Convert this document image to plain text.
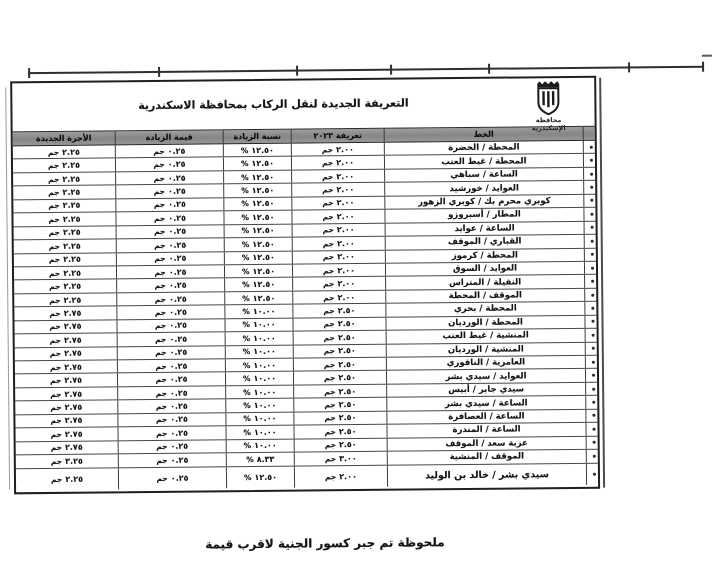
التعريفة الجديدة لنقل الركاب بمحافظة الاسكندرية
محافظة الإسكندرية
الأجرة الجديدة	قيمة الزيادة	نسبة الزيادة	تعريفة ٢٠٢٣	الخط
جم ٢.٢٥	جم ٠.٢٥	% ١٢.٥٠	جم ٢.٠٠	المحطة / الحضرة
جم ٢.٢٥	جم ٠.٢٥	% ١٢.٥٠	جم ٢.٠٠	المحطة / غيط العنب
جم ٢.٢٥	جم ٠.٢٥	% ١٢.٥٠	جم ٢.٠٠	الساعة / سباهي
جم ٢.٢٥	جم ٠.٢٥	% ١٢.٥٠	جم ٢.٠٠	العوايد / خورشيد
جم ٢.٢٥	جم ٠.٢٥	% ١٢.٥٠	جم ٢.٠٠	كوبري محرم بك / كوبري الزهور
جم ٢.٢٥	جم ٠.٢٥	% ١٢.٥٠	جم ٢.٠٠	المطار / أسبروزو
جم ٢.٢٥	جم ٠.٢٥	% ١٢.٥٠	جم ٢.٠٠	الساعة / عوايد
جم ٢.٢٥	جم ٠.٢٥	% ١٢.٥٠	جم ٢.٠٠	القباري / الموقف
جم ٢.٢٥	جم ٠.٢٥	% ١٢.٥٠	جم ٢.٠٠	المحطة / كرموز
جم ٢.٢٥	جم ٠.٢٥	% ١٢.٥٠	جم ٢.٠٠	العوايد / السوق
جم ٢.٢٥	جم ٠.٢٥	% ١٢.٥٠	جم ٢.٠٠	النفيلة / المتراس
جم ٢.٢٥	جم ٠.٢٥	% ١٢.٥٠	جم ٢.٠٠	الموقف / المحطة
جم ٢.٧٥	جم ٠.٢٥	% ١٠.٠٠	جم ٢.٥٠	المحطة / بحري
جم ٢.٧٥	جم ٠.٢٥	% ١٠.٠٠	جم ٢.٥٠	المحطة / الورديان
جم ٢.٧٥	جم ٠.٢٥	% ١٠.٠٠	جم ٢.٥٠	المنشية / غيط العنب
جم ٢.٧٥	جم ٠.٢٥	% ١٠.٠٠	جم ٢.٥٠	المنشية / الورديان
جم ٢.٧٥	جم ٠.٢٥	% ١٠.٠٠	جم ٢.٥٠	العامرية / الناقوري
جم ٢.٧٥	جم ٠.٢٥	% ١٠.٠٠	جم ٢.٥٠	العوايد / سيدي بشر
جم ٢.٧٥	جم ٠.٢٥	% ١٠.٠٠	جم ٢.٥٠	سيدي جابر / أبيس
جم ٢.٧٥	جم ٠.٢٥	% ١٠.٠٠	جم ٢.٥٠	الساعة / سيدي بشر
جم ٢.٧٥	جم ٠.٢٥	% ١٠.٠٠	جم ٢.٥٠	الساعة / العصافرة
جم ٢.٧٥	جم ٠.٢٥	% ١٠.٠٠	جم ٢.٥٠	الساعة / المندرة
جم ٢.٧٥	جم ٠.٢٥	% ١٠.٠٠	جم ٢.٥٠	عزبة سعد / الموقف
جم ٣.٢٥	جم ٠.٢٥	% ٨.٣٣	جم ٣.٠٠	الموقف / المنشية
جم ٢.٢٥	جم ٠.٢٥	% ١٢.٥٠	جم ٢.٠٠	سيدي بشر / خالد بن الوليد
ملحوظة تم جبر كسور الجنية لاقرب قيمة
